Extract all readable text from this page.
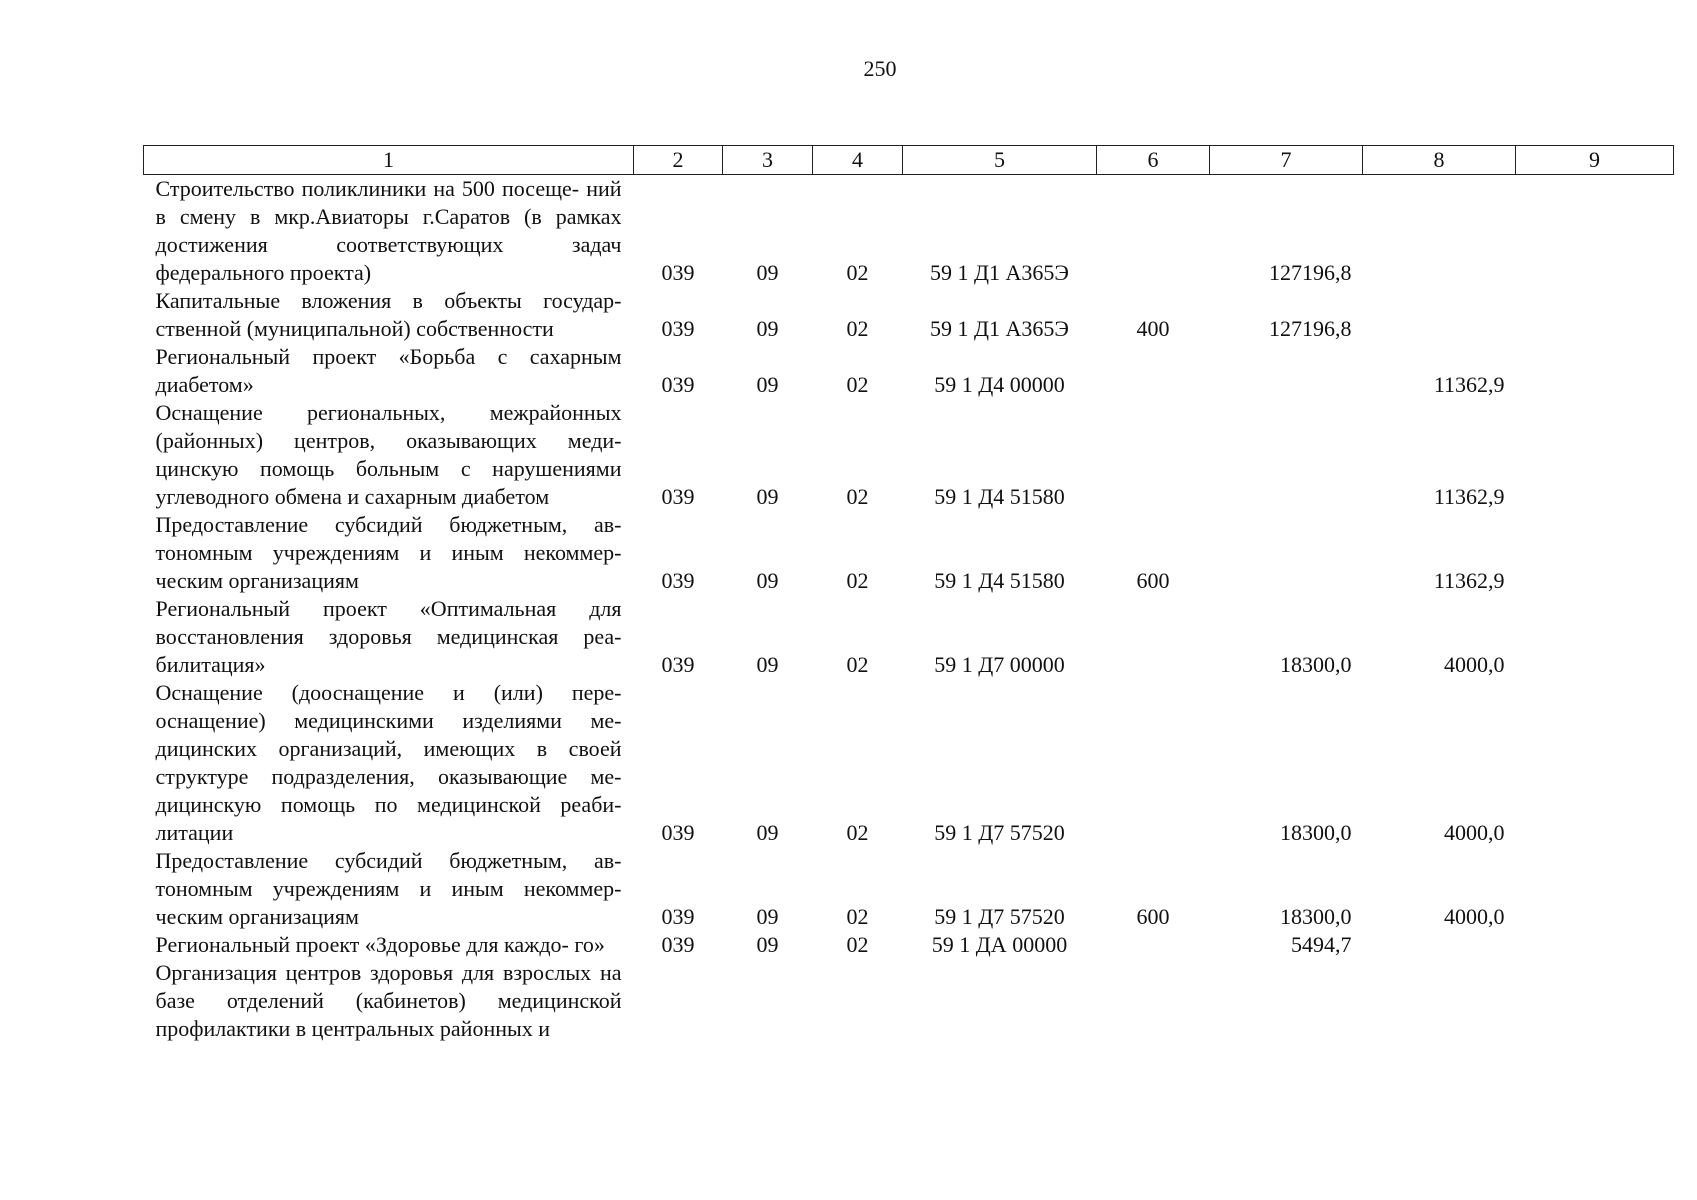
250
1	2	3	4	5	6	7	8	9
Строительство поликлиники на 500 посеще- ний в смену в мкр.Авиаторы г.Саратов (в рамках достижения соответствующих задач федерального проекта)	039	09	02	59 1 Д1 А365Э		127196,8		
Капитальные вложения в объекты государ- ственной (муниципальной) собственности	039	09	02	59 1 Д1 А365Э	400	127196,8		
Региональный проект «Борьба с сахарным диабетом»	039	09	02	59 1 Д4 00000			11362,9	
Оснащение региональных, межрайонных (районных) центров, оказывающих меди- цинскую помощь больным с нарушениями углеводного обмена и сахарным диабетом	039	09	02	59 1 Д4 51580			11362,9	
Предоставление субсидий бюджетным, ав- тономным учреждениям и иным некоммер- ческим организациям	039	09	02	59 1 Д4 51580	600		11362,9	
Региональный проект «Оптимальная для восстановления здоровья медицинская реа- билитация»	039	09	02	59 1 Д7 00000		18300,0	4000,0	
Оснащение (дооснащение и (или) пере- оснащение) медицинскими изделиями ме- дицинских организаций, имеющих в своей структуре подразделения, оказывающие ме- дицинскую помощь по медицинской реаби- литации	039	09	02	59 1 Д7 57520		18300,0	4000,0	
Предоставление субсидий бюджетным, ав- тономным учреждениям и иным некоммер- ческим организациям	039	09	02	59 1 Д7 57520	600	18300,0	4000,0	
Региональный проект «Здоровье для каждо- го»	039	09	02	59 1 ДА 00000		5494,7		
Организация центров здоровья для взрослых на базе отделений (кабинетов) медицинской профилактики в центральных районных и								
